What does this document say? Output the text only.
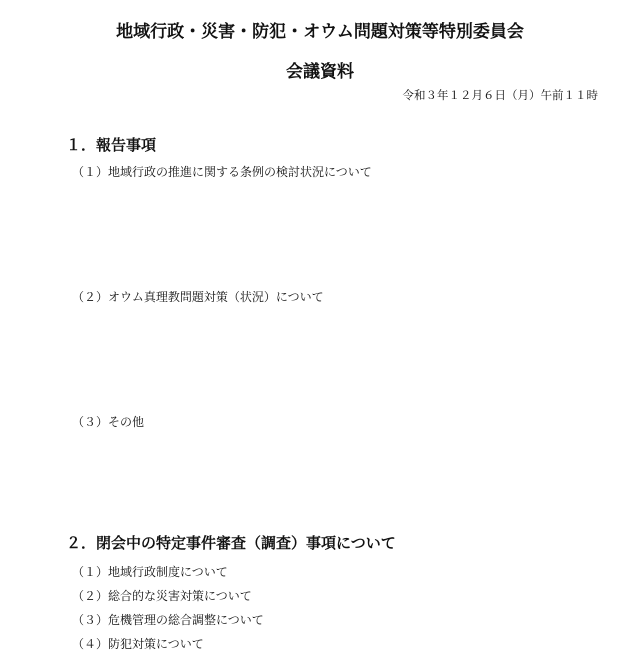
地域行政・災害・防犯・オウム問題対策等特別委員会
会議資料
令和３年１２月６日（月）午前１１時
１．報告事項
（１）地域行政の推進に関する条例の検討状況について
（２）オウム真理教問題対策（状況）について
（３）その他
２．閉会中の特定事件審査（調査）事項について
（１）地域行政制度について
（２）総合的な災害対策について
（３）危機管理の総合調整について
（４）防犯対策について
